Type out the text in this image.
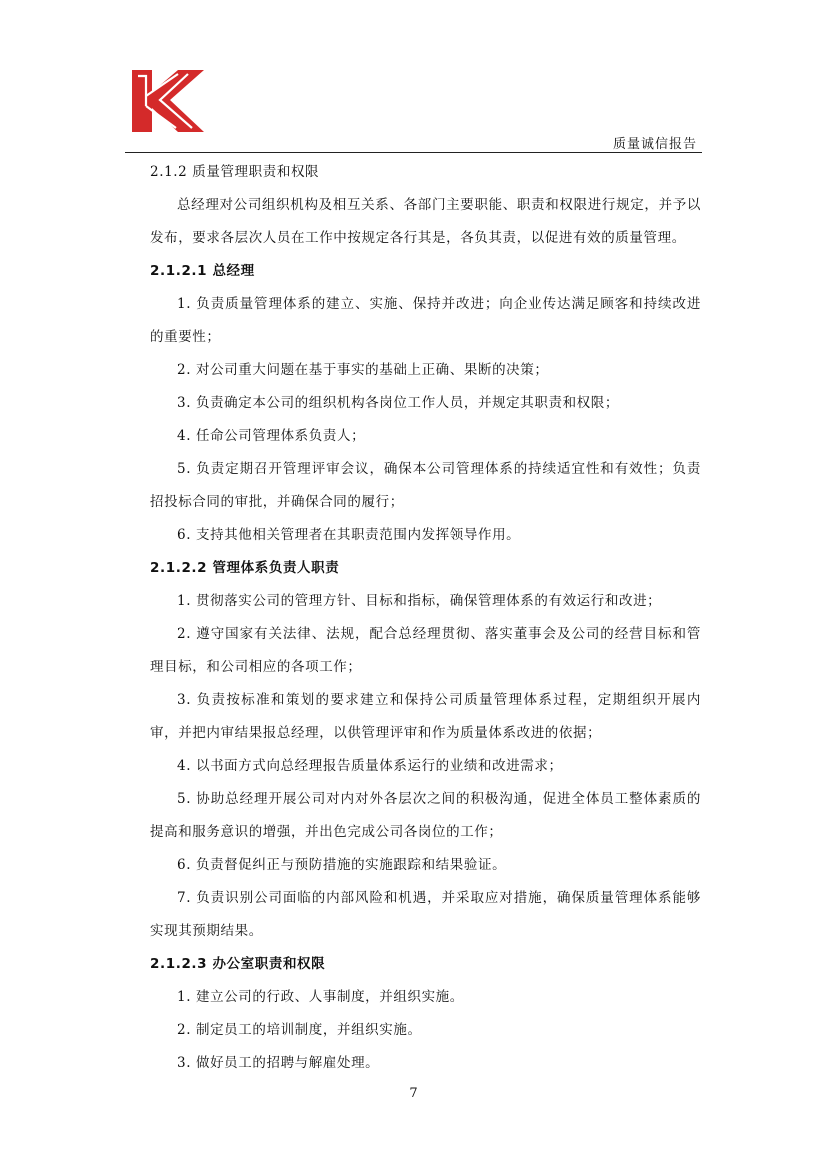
质量诚信报告

2.1.2 质量管理职责和权限

总经理对公司组织机构及相互关系、各部门主要职能、职责和权限进行规定，并予以发布，要求各层次人员在工作中按规定各行其是，各负其责，以促进有效的质量管理。

2.1.2.1 总经理

1. 负责质量管理体系的建立、实施、保持并改进；向企业传达满足顾客和持续改进的重要性；

2. 对公司重大问题在基于事实的基础上正确、果断的决策；

3. 负责确定本公司的组织机构各岗位工作人员，并规定其职责和权限；

4. 任命公司管理体系负责人；

5. 负责定期召开管理评审会议，确保本公司管理体系的持续适宜性和有效性；负责招投标合同的审批，并确保合同的履行；

6. 支持其他相关管理者在其职责范围内发挥领导作用。

2.1.2.2 管理体系负责人职责

1. 贯彻落实公司的管理方针、目标和指标，确保管理体系的有效运行和改进；

2. 遵守国家有关法律、法规，配合总经理贯彻、落实董事会及公司的经营目标和管理目标，和公司相应的各项工作；

3. 负责按标准和策划的要求建立和保持公司质量管理体系过程，定期组织开展内审，并把内审结果报总经理，以供管理评审和作为质量体系改进的依据；

4. 以书面方式向总经理报告质量体系运行的业绩和改进需求；

5. 协助总经理开展公司对内对外各层次之间的积极沟通，促进全体员工整体素质的提高和服务意识的增强，并出色完成公司各岗位的工作；

6. 负责督促纠正与预防措施的实施跟踪和结果验证。

7. 负责识别公司面临的内部风险和机遇，并采取应对措施，确保质量管理体系能够实现其预期结果。

2.1.2.3 办公室职责和权限

1. 建立公司的行政、人事制度，并组织实施。

2. 制定员工的培训制度，并组织实施。

3. 做好员工的招聘与解雇处理。

7
